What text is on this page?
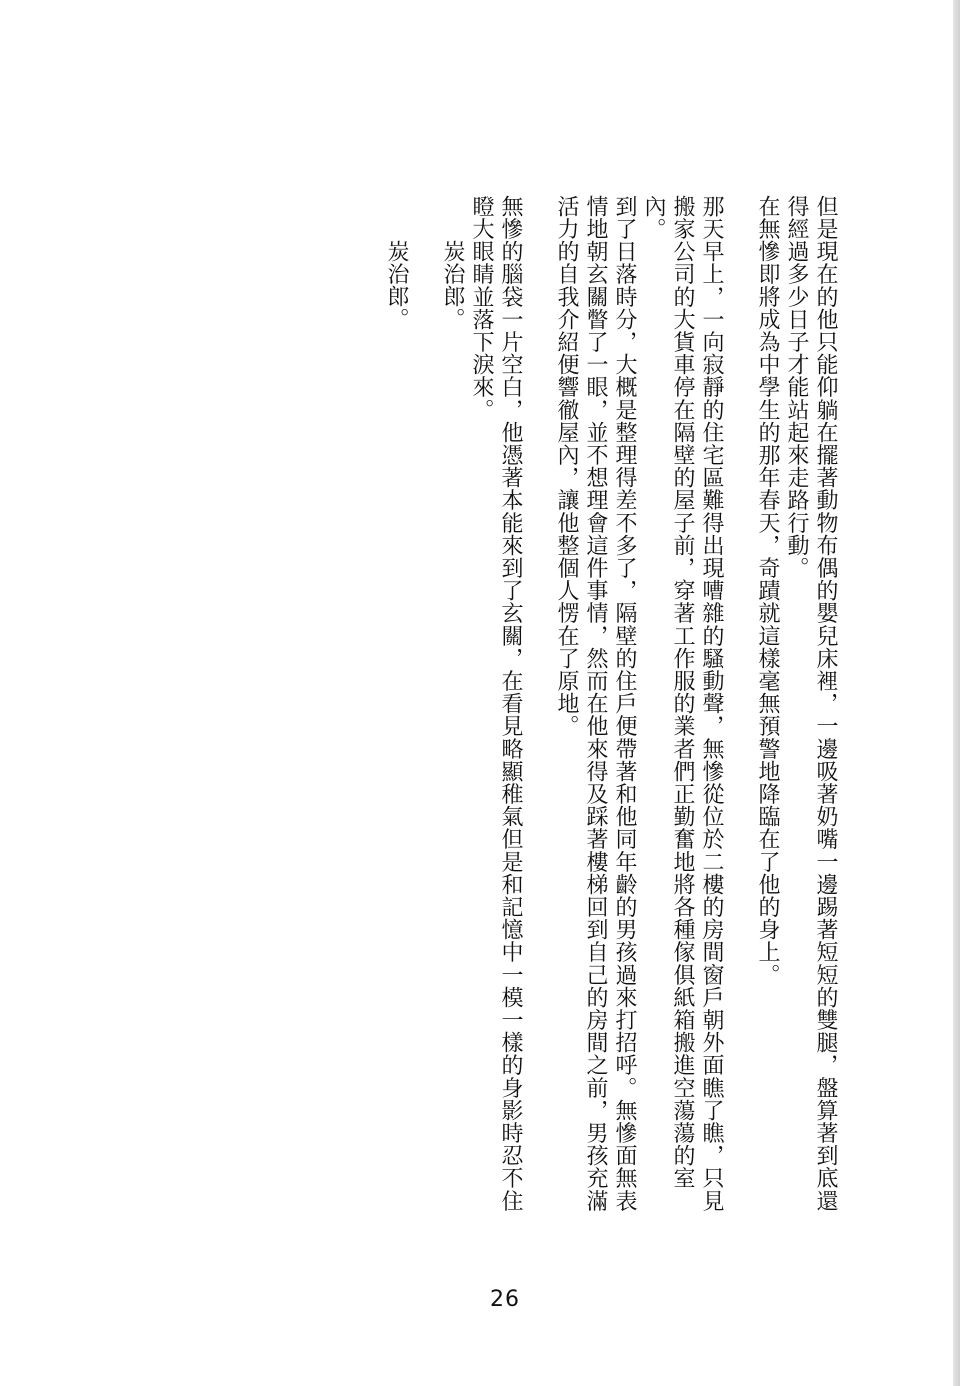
但是現在的他只能仰躺在擺著動物布偶的嬰兒床裡，一邊吸著奶嘴一邊踢著短短的雙腿，盤算著到底還得經過多少日子才能站起來走路行動。

在無慘即將成為中學生的那年春天，奇蹟就這樣毫無預警地降臨在了他的身上。

那天早上，一向寂靜的住宅區難得出現嘈雜的騷動聲，無慘從位於二樓的房間窗戶朝外面瞧了瞧，只見搬家公司的大貨車停在隔壁的屋子前，穿著工作服的業者們正勤奮地將各種傢俱紙箱搬進空蕩蕩的室內。

到了日落時分，大概是整理得差不多了，隔壁的住戶便帶著和他同年齡的男孩過來打招呼。無慘面無表情地朝玄關瞥了一眼，並不想理會這件事情，然而在他來得及踩著樓梯回到自己的房間之前，男孩充滿活力的自我介紹便響徹屋內，讓他整個人愣在了原地。

無慘的腦袋一片空白，他憑著本能來到了玄關，在看見略顯稚氣但是和記憶中一模一樣的身影時忍不住瞪大眼睛並落下淚來。

炭治郎。

炭治郎。

26
